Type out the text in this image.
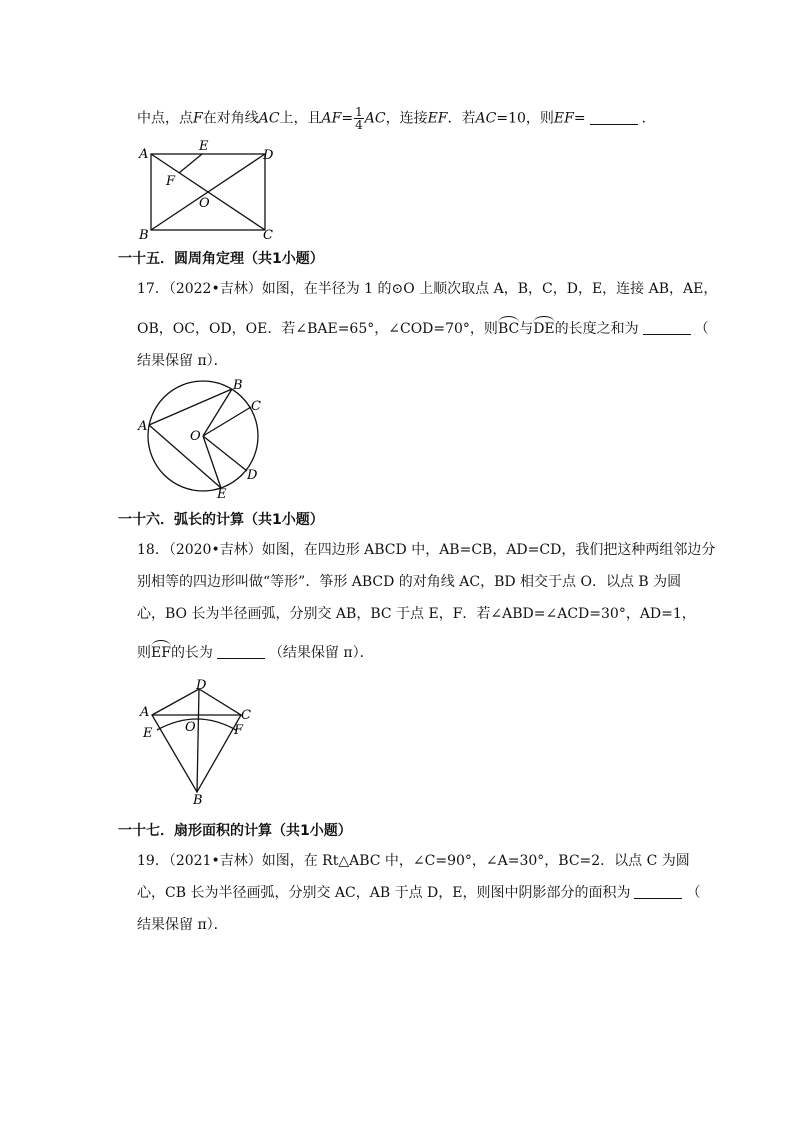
中点，点F在对角线AC上，且$AF= \frac{1}{4}$ AC，连接EF．若AC=10，则EF=	．
A
E
D
F
O
B	C
一十五．圆周角定理（共1小题）
17．（2022•吉林）如图，在半径为 1 的⊙O 上顺次取点 A，B，C，D，E，连接 AB，AE，
OB，OC，OD，OE．若∠BAE=65°，∠COD=70°，则BC与DE的长度之和为	（
结果保留 π）．
A
B
C
O
D
E
一十六．弧长的计算（共1小题）
18．（2020•吉林）如图，在四边形 ABCD 中，AB=CB，AD=CD，我们把这种两组邻边分
别相等的四边形叫做“等形”．筝形 ABCD 的对角线 AC，BD 相交于点 O．以点 B 为圆
心，BO 长为半径画弧，分别交 AB，BC 于点 E，F．若∠ABD=∠ACD=30°，AD=1，
则EF的长为	（结果保留 π）．
D
A	C
E	O	F
B
一十七．扇形面积的计算（共1小题）
19．（2021•吉林）如图，在 Rt△ABC 中，∠C=90°，∠A=30°，BC=2．以点 C 为圆
心，CB 长为半径画弧，分别交 AC，AB 于点 D，E，则图中阴影部分的面积为	（
结果保留 π）．
